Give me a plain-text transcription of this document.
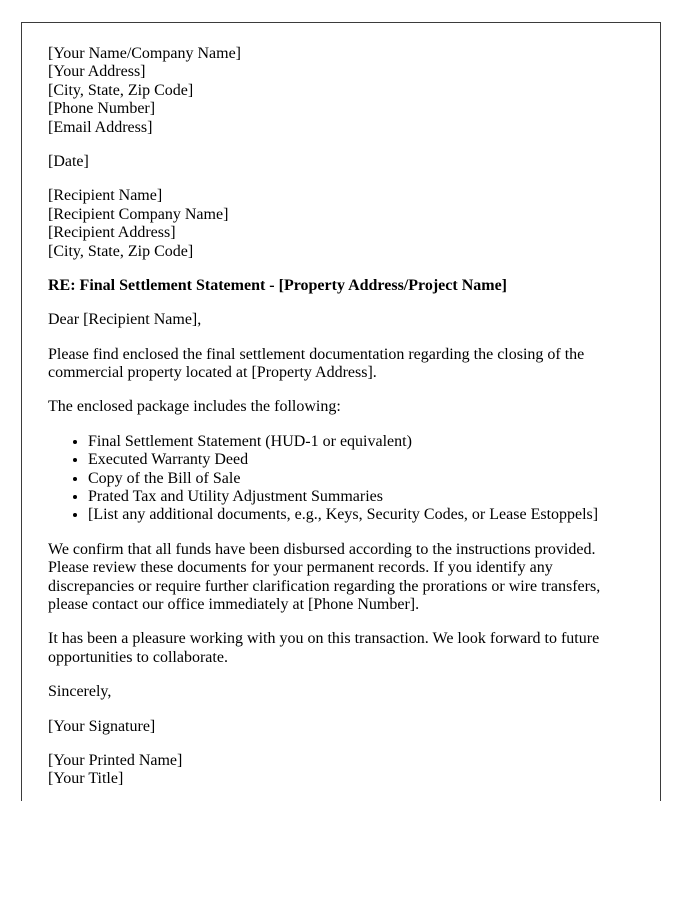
[Your Name/Company Name]
[Your Address]
[City, State, Zip Code]
[Phone Number]
[Email Address]

[Date]

[Recipient Name]
[Recipient Company Name]
[Recipient Address]
[City, State, Zip Code]

RE: Final Settlement Statement - [Property Address/Project Name]

Dear [Recipient Name],

Please find enclosed the final settlement documentation regarding the closing of the commercial property located at [Property Address].

The enclosed package includes the following:

• Final Settlement Statement (HUD-1 or equivalent)
• Executed Warranty Deed
• Copy of the Bill of Sale
• Prated Tax and Utility Adjustment Summaries
• [List any additional documents, e.g., Keys, Security Codes, or Lease Estoppels]

We confirm that all funds have been disbursed according to the instructions provided. Please review these documents for your permanent records. If you identify any discrepancies or require further clarification regarding the prorations or wire transfers, please contact our office immediately at [Phone Number].

It has been a pleasure working with you on this transaction. We look forward to future opportunities to collaborate.

Sincerely,

[Your Signature]

[Your Printed Name]
[Your Title]
